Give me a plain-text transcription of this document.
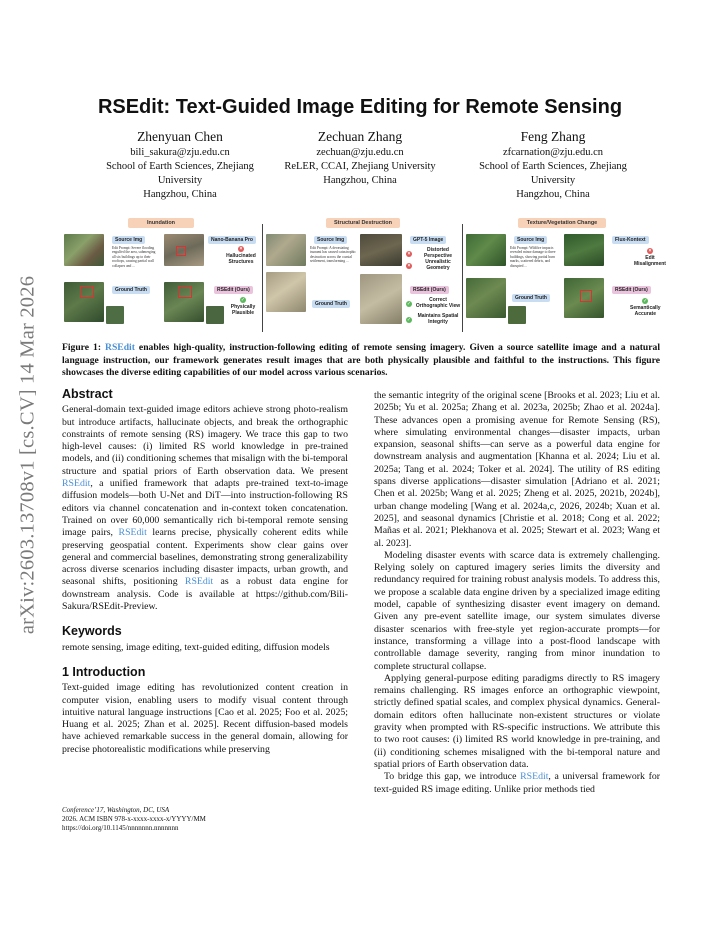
arXiv:2603.13708v1 [cs.CV] 14 Mar 2026
RSEdit: Text-Guided Image Editing for Remote Sensing
Zhenyuan Chen
bili_sakura@zju.edu.cn
School of Earth Sciences, Zhejiang
University
Hangzhou, China
Zechuan Zhang
zechuan@zju.edu.cn
ReLER, CCAI, Zhejiang University
Hangzhou, China
Feng Zhang
zfcarnation@zju.edu.cn
School of Earth Sciences, Zhejiang
University
Hangzhou, China
Inundation
Source Img
Edit Prompt: Severe flooding engulfed the area, submerging all six buildings up to their rooftops, causing partial wall collapses and ...
Nano-Banana Pro
×
Hallucinated Structures
Ground Truth	RSEdit (Ours)
✓
Physically Plausible
Structural Destruction
Source Img
Edit Prompt: A devastating tsunami has caused catastrophic destruction across the coastal settlement, transforming ...
GPT-5 Image
×
Distorted Perspective
×
Unrealistic Geometry
Ground Truth
RSEdit (Ours)
✓
Correct Orthographic View
✓
Maintains Spatial Integrity
Texture/Vegetation Change
Source Img
Edit Prompt: Wildfire impacts revealed minor damage to three buildings, showing partial burn marks, scattered debris, and disrupted ...
Flux-Kontext
×
Edit Misalignment
Ground Truth
RSEdit (Ours)
✓
Semantically Accurate
Figure 1: RSEdit enables high-quality, instruction-following editing of remote sensing imagery. Given a source satellite image and a natural language instruction, our framework generates result images that are both physically plausible and faithful to the instructions. This figure showcases the diverse editing capabilities of our model across various scenarios.
Abstract

General-domain text-guided image editors achieve strong photo-realism but introduce artifacts, hallucinate objects, and break the orthographic constraints of remote sensing (RS) imagery. We trace this gap to two high-level causes: (i) limited RS world knowledge in pre-trained models, and (ii) conditioning schemes that misalign with the bi-temporal structure and spatial priors of Earth observation data. We present RSEdit, a unified framework that adapts pre-trained text-to-image diffusion models—both U-Net and DiT—into instruction-following RS editors via channel concatenation and in-context token concatenation. Trained on over 60,000 semantically rich bi-temporal remote sensing image pairs, RSEdit learns precise, physically coherent edits while preserving geospatial content. Experiments show clear gains over general and commercial baselines, demonstrating strong generalizability across diverse scenarios including disaster impacts, urban growth, and seasonal shifts, positioning RSEdit as a robust data engine for downstream analysis. Code is available at https://github.com/Bili-Sakura/RSEdit-Preview.

Keywords

remote sensing, image editing, text-guided editing, diffusion models

1 Introduction

Text-guided image editing has revolutionized content creation in computer vision, enabling users to modify visual content through intuitive natural language instructions [Cao et al. 2025; Foo et al. 2025; Huang et al. 2025; Zhan et al. 2025]. Recent diffusion-based models have achieved remarkable success in the general domain, allowing for precise photorealistic modifications while preserving

Conference’17, Washington, DC, USA
2026. ACM ISBN 978-x-xxxx-xxxx-x/YYYY/MM
https://doi.org/10.1145/nnnnnnn.nnnnnnn

the semantic integrity of the original scene [Brooks et al. 2023; Liu et al. 2025b; Yu et al. 2025a; Zhang et al. 2023a, 2025b; Zhao et al. 2024a]. These advances open a promising avenue for Remote Sensing (RS), where simulating environmental changes—disaster impacts, urban expansion, seasonal shifts—can serve as a powerful data engine for downstream analysis and augmentation [Khanna et al. 2024; Liu et al. 2025a; Tang et al. 2024; Toker et al. 2024]. The utility of RS editing spans diverse applications—disaster simulation [Adriano et al. 2021; Chen et al. 2025b; Wang et al. 2025; Zheng et al. 2025, 2021b, 2024b], urban change modeling [Wang et al. 2024a,c, 2026, 2024b; Xuan et al. 2025], and seasonal dynamics [Christie et al. 2018; Cong et al. 2022; Mañas et al. 2021; Plekhanova et al. 2025; Stewart et al. 2023; Wang et al. 2023].

Modeling disaster events with scarce data is extremely challenging. Relying solely on captured imagery series limits the diversity and redundancy required for training robust analysis models. To address this, we propose a scalable data engine driven by a specialized image editing model, capable of synthesizing disaster event imagery on demand. Given any pre-event satellite image, our system simulates diverse disaster scenarios with free-style yet region-accurate prompts—for instance, transforming a village into a post-flood landscape with controllable damage severity, ranging from minor inundation to complete structural collapse.

Applying general-purpose editing paradigms directly to RS imagery remains challenging. RS images enforce an orthographic viewpoint, strictly defined spatial scales, and complex physical dynamics. General-domain editors often hallucinate non-existent structures or violate gravity when prompted with RS-specific instructions. We attribute this to two root causes: (i) limited RS world knowledge in pre-training, and (ii) conditioning schemes misaligned with the bi-temporal nature and spatial priors of Earth observation data.

To bridge this gap, we introduce RSEdit, a universal framework for text-guided RS image editing. Unlike prior methods tied
